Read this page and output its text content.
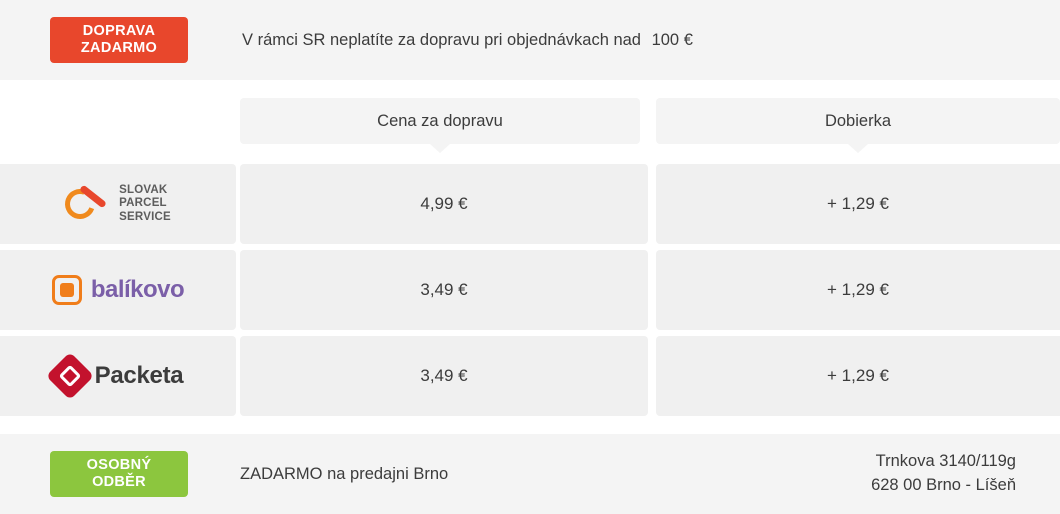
DOPRAVA
ZADARMO	V rámci SR neplatíte za dopravu pri objednávkach nad 100 €
Cena za dopravu	Dobierka
SLOVAK
PARCEL
SERVICE
4,99 €	+ 1,29 €
balíkovo	3,49 €	+ 1,29 €
Packeta	3,49 €	+ 1,29 €
OSOBNÝ
ODBĚR	ZADARMO na predajni Brno
Trnkova 3140/119g
628 00 Brno - Líšeň
